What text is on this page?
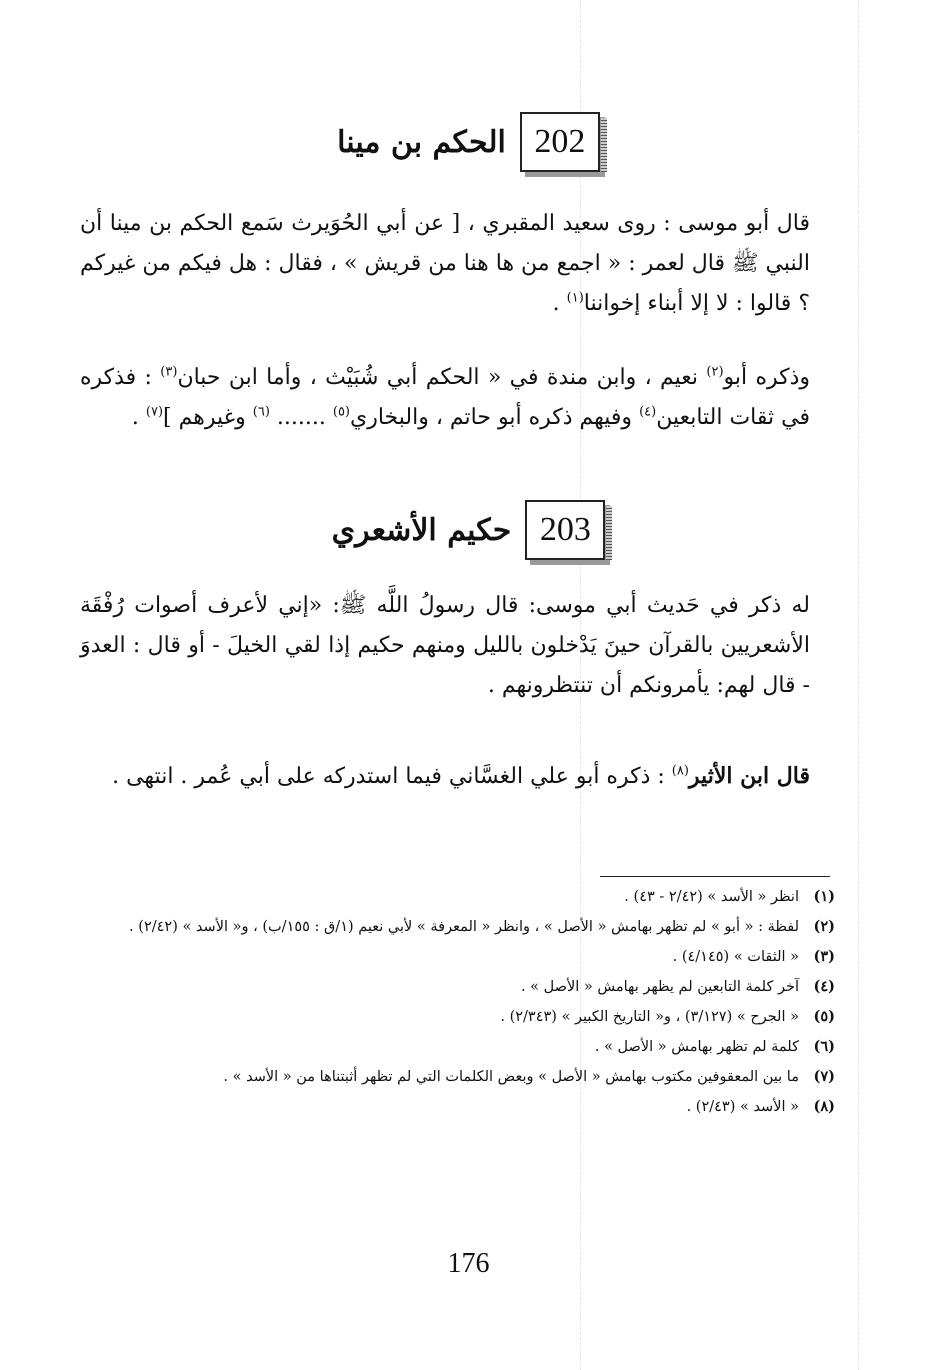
202
الحكم بن مينا
قال أبو موسى : روى سعيد المقبري ، [ عن أبي الحُوَيرث سَمع الحكم بن مينا أن النبي ﷺ قال لعمر : « اجمع من ها هنا من قريش » ، فقال : هل فيكم من غيركم ؟ قالوا : لا إلا أبناء إخواننا$^{(١)}$ .
وذكره أبو$^{(٢)}$ نعيم ، وابن مندة في « الحكم أبي شُبَيْث ، وأما ابن حبان$^{(٣)}$ : فذكره في ثقات التابعين$^{(٤)}$ وفيهم ذكره أبو حاتم ، والبخاري$^{(٥)}$ ....... $^{(٦)}$ وغيرهم ]$^{(٧)}$ .
203
حكيم الأشعري
له ذكر في حَديث أبي موسى: قال رسولُ اللَّه ﷺ: «إني لأعرف أصوات رُفْقَة الأشعريين بالقرآن حينَ يَدْخلون بالليل ومنهم حكيم إذا لقي الخيلَ - أو قال : العدوَ - قال لهم: يأمرونكم أن تنتظرونهم .
قال ابن الأثير$^{(٨)}$ : ذكره أبو علي الغسَّاني فيما استدركه على أبي عُمر . انتهى .
(١)
انظر « الأسد » (٢/٤٢ - ٤٣) .
(٢)
لفظة : « أبو » لم تظهر بهامش « الأصل » ، وانظر « المعرفة » لأبي نعيم (١/ق : ١٥٥/ب) ، و« الأسد » (٢/٤٢) .
(٣)
« الثقات » (٤/١٤٥) .
(٤)
آخر كلمة التابعين لم يظهر بهامش « الأصل » .
(٥)
« الجرح » (٣/١٢٧) ، و« التاريخ الكبير » (٢/٣٤٣) .
(٦)
كلمة لم تظهر بهامش « الأصل » .
(٧)
ما بين المعقوفين مكتوب بهامش « الأصل » وبعض الكلمات التي لم تظهر أثبتناها من « الأسد » .
(٨)
« الأسد » (٢/٤٣) .
176
